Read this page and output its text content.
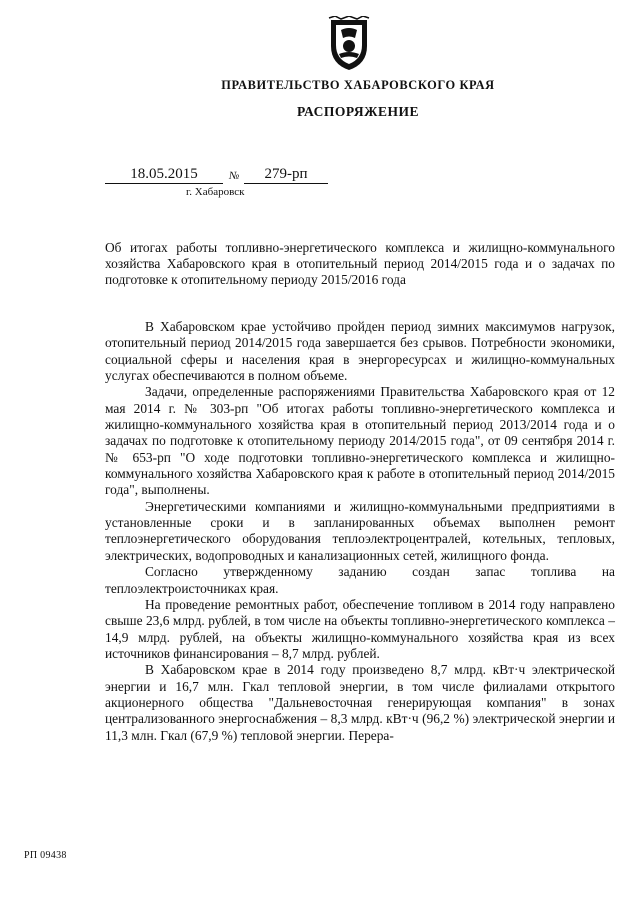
ПРАВИТЕЛЬСТВО ХАБАРОВСКОГО КРАЯ
РАСПОРЯЖЕНИЕ
18.05.2015	№	279-рп
г. Хабаровск
Об итогах работы топливно-энергетического комплекса и жилищно-коммунального хозяйства Хабаровского края в отопительный период 2014/2015 года и о задачах по подготовке к отопительному периоду 2015/2016 года

В Хабаровском крае устойчиво пройден период зимних максимумов нагрузок, отопительный период 2014/2015 года завершается без срывов. Потребности экономики, социальной сферы и населения края в энергоресурсах и жилищно-коммунальных услугах обеспечиваются в полном объеме.

Задачи, определенные распоряжениями Правительства Хабаровского края от 12 мая 2014 г. № 303-рп "Об итогах работы топливно-энергетического комплекса и жилищно-коммунального хозяйства края в отопительный период 2013/2014 года и о задачах по подготовке к отопительному периоду 2014/2015 года", от 09 сентября 2014 г. № 653-рп "О ходе подготовки топливно-энергетического комплекса и жилищно-коммунального хозяйства Хабаровского края к работе в отопительный период 2014/2015 года", выполнены.

Энергетическими компаниями и жилищно-коммунальными предприятиями в установленные сроки и в запланированных объемах выполнен ремонт теплоэнергетического оборудования теплоэлектроцентралей, котельных, тепловых, электрических, водопроводных и канализационных сетей, жилищного фонда.

Согласно утвержденному заданию создан запас топлива на теплоэлектроисточниках края.

На проведение ремонтных работ, обеспечение топливом в 2014 году направлено свыше 23,6 млрд. рублей, в том числе на объекты топливно-энергетического комплекса – 14,9 млрд. рублей, на объекты жилищно-коммунального хозяйства края из всех источников финансирования – 8,7 млрд. рублей.

В Хабаровском крае в 2014 году произведено 8,7 млрд. кВт·ч электрической энергии и 16,7 млн. Гкал тепловой энергии, в том числе филиалами открытого акционерного общества "Дальневосточная генерирующая компания" в зонах централизованного энергоснабжения – 8,3 млрд. кВт·ч (96,2 %) электрической энергии и 11,3 млн. Гкал (67,9 %) тепловой энергии. Перера-

РП 09438
